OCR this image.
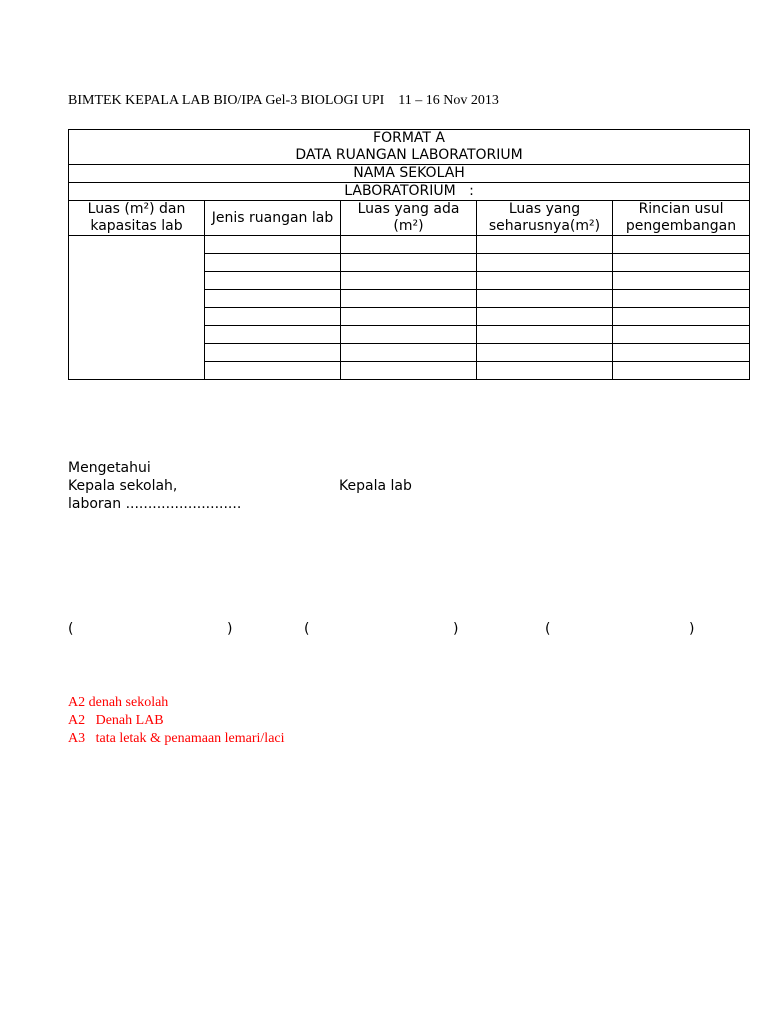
BIMTEK KEPALA LAB BIO/IPA Gel-3 BIOLOGI UPI    11 – 16 Nov 2013
FORMAT A
DATA RUANGAN LABORATORIUM				

NAMA SEKOLAH				
LABORATORIUM   :				
Luas (m²) dan kapasitas lab	Jenis ruangan lab	Luas yang ada (m²)	Luas yang seharusnya(m²)	Rincian usul pengembangan

Mengetahui
Kepala sekolah,
laboran ..........................
Kepala lab
(	)	(	)	(	)
A2 denah sekolah
A2   Denah LAB
A3   tata letak & penamaan lemari/laci
